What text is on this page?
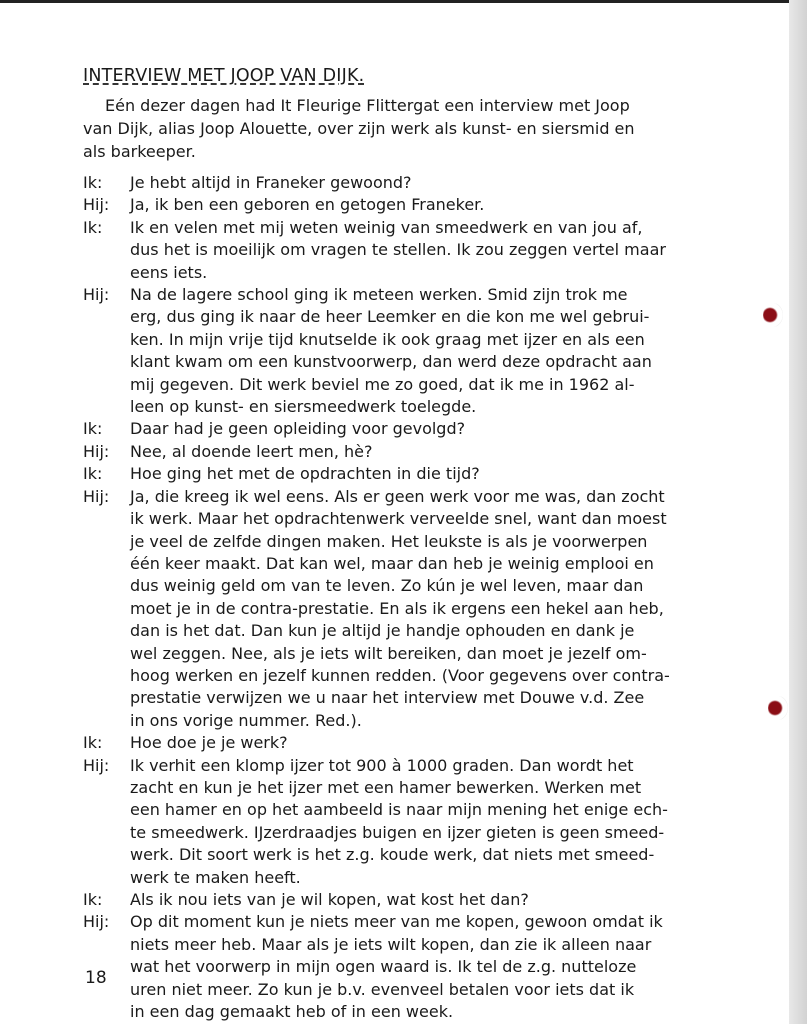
INTERVIEW MET JOOP VAN DIJK.
Eén dezer dagen had It Fleurige Flittergat een interview met Joop
van Dijk, alias Joop Alouette, over zijn werk als kunst- en siersmid en
als barkeeper.
Ik:	Je hebt altijd in Franeker gewoond?
Hij:	Ja, ik ben een geboren en getogen Franeker.
Ik:	Ik en velen met mij weten weinig van smeedwerk en van jou af,
dus het is moeilijk om vragen te stellen. Ik zou zeggen vertel maar
eens iets.
Hij:	Na de lagere school ging ik meteen werken. Smid zijn trok me
erg, dus ging ik naar de heer Leemker en die kon me wel gebrui-
ken. In mijn vrije tijd knutselde ik ook graag met ijzer en als een
klant kwam om een kunstvoorwerp, dan werd deze opdracht aan
mij gegeven. Dit werk beviel me zo goed, dat ik me in 1962 al-
leen op kunst- en siersmeedwerk toelegde.
Ik:	Daar had je geen opleiding voor gevolgd?
Hij:	Nee, al doende leert men, hè?
Ik:	Hoe ging het met de opdrachten in die tijd?
Hij:	Ja, die kreeg ik wel eens. Als er geen werk voor me was, dan zocht
ik werk. Maar het opdrachtenwerk verveelde snel, want dan moest
je veel de zelfde dingen maken. Het leukste is als je voorwerpen
één keer maakt. Dat kan wel, maar dan heb je weinig emplooi en
dus weinig geld om van te leven. Zo kún je wel leven, maar dan
moet je in de contra-prestatie. En als ik ergens een hekel aan heb,
dan is het dat. Dan kun je altijd je handje ophouden en dank je
wel zeggen. Nee, als je iets wilt bereiken, dan moet je jezelf om-
hoog werken en jezelf kunnen redden. (Voor gegevens over contra-
prestatie verwijzen we u naar het interview met Douwe v.d. Zee
in ons vorige nummer. Red.).
Ik:	Hoe doe je je werk?
Hij:	Ik verhit een klomp ijzer tot 900 à 1000 graden. Dan wordt het
zacht en kun je het ijzer met een hamer bewerken. Werken met
een hamer en op het aambeeld is naar mijn mening het enige ech-
te smeedwerk. IJzerdraadjes buigen en ijzer gieten is geen smeed-
werk. Dit soort werk is het z.g. koude werk, dat niets met smeed-
werk te maken heeft.
Ik:	Als ik nou iets van je wil kopen, wat kost het dan?
Hij:	Op dit moment kun je niets meer van me kopen, gewoon omdat ik
niets meer heb. Maar als je iets wilt kopen, dan zie ik alleen naar
wat het voorwerp in mijn ogen waard is. Ik tel de z.g. nutteloze
uren niet meer. Zo kun je b.v. evenveel betalen voor iets dat ik
in een dag gemaakt heb of in een week.
18
